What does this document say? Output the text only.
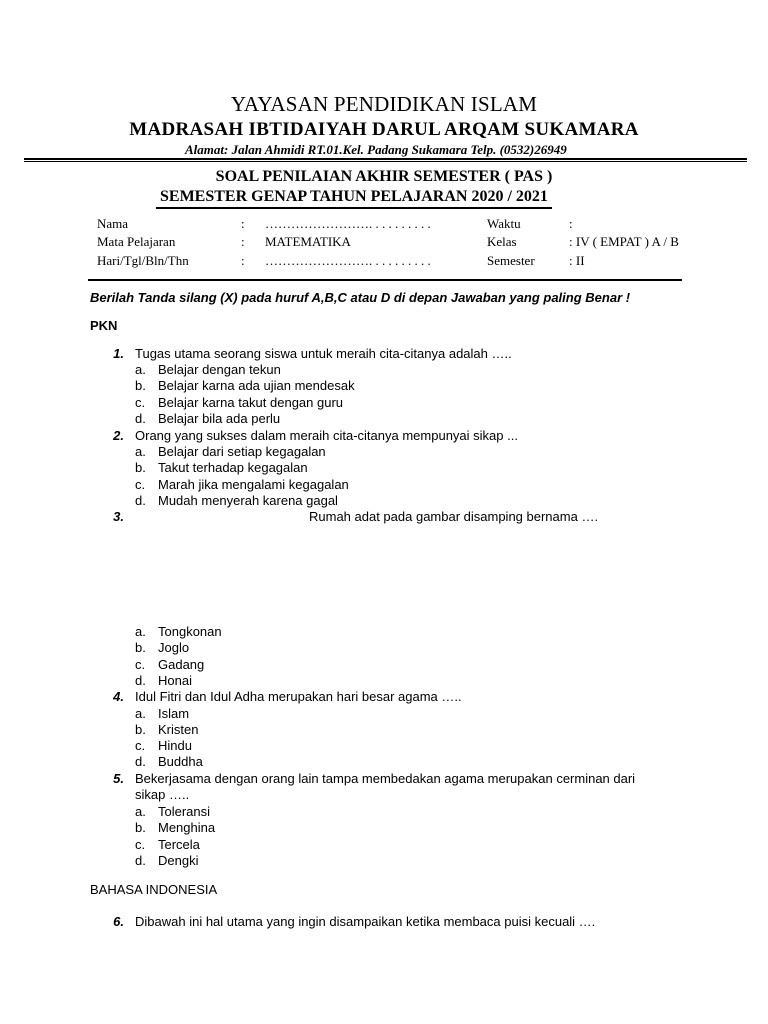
YAYASAN PENDIDIKAN ISLAM
MADRASAH IBTIDAIYAH DARUL ARQAM SUKAMARA
Alamat: Jalan Ahmidi RT.01.Kel. Padang Sukamara Telp. (0532)26949
SOAL PENILAIAN AKHIR SEMESTER ( PAS )
SEMESTER GENAP TAHUN PELAJARAN 2020 / 2021
Nama	: ……………………. . . . . . . . . .
Mata Pelajaran	: MATEMATIKA
Hari/Tgl/Bln/Thn	: ……………………. . . . . . . . . .
Waktu	:
Kelas	: IV ( EMPAT ) A / B
Semester	: II
Berilah Tanda silang (X) pada huruf A,B,C atau D di depan Jawaban yang paling Benar !
PKN
1. Tugas utama seorang siswa untuk meraih cita-citanya adalah …..
a. Belajar dengan tekun
b. Belajar karna ada ujian mendesak
c. Belajar karna takut dengan guru
d. Belajar bila ada perlu
2. Orang yang sukses dalam meraih cita-citanya mempunyai sikap ...
a. Belajar dari setiap kegagalan
b. Takut terhadap kegagalan
c. Marah jika mengalami kegagalan
d. Mudah menyerah karena gagal
3.	Rumah adat pada gambar disamping bernama ….
a. Tongkonan
b. Joglo
c. Gadang
d. Honai
4. Idul Fitri dan Idul Adha merupakan hari besar agama …..
a. Islam
b. Kristen
c. Hindu
d. Buddha
5. Bekerjasama dengan orang lain tampa membedakan agama merupakan cerminan dari
sikap …..
a. Toleransi
b. Menghina
c. Tercela
d. Dengki
BAHASA INDONESIA
6. Dibawah ini hal utama yang ingin disampaikan ketika membaca puisi kecuali ….
